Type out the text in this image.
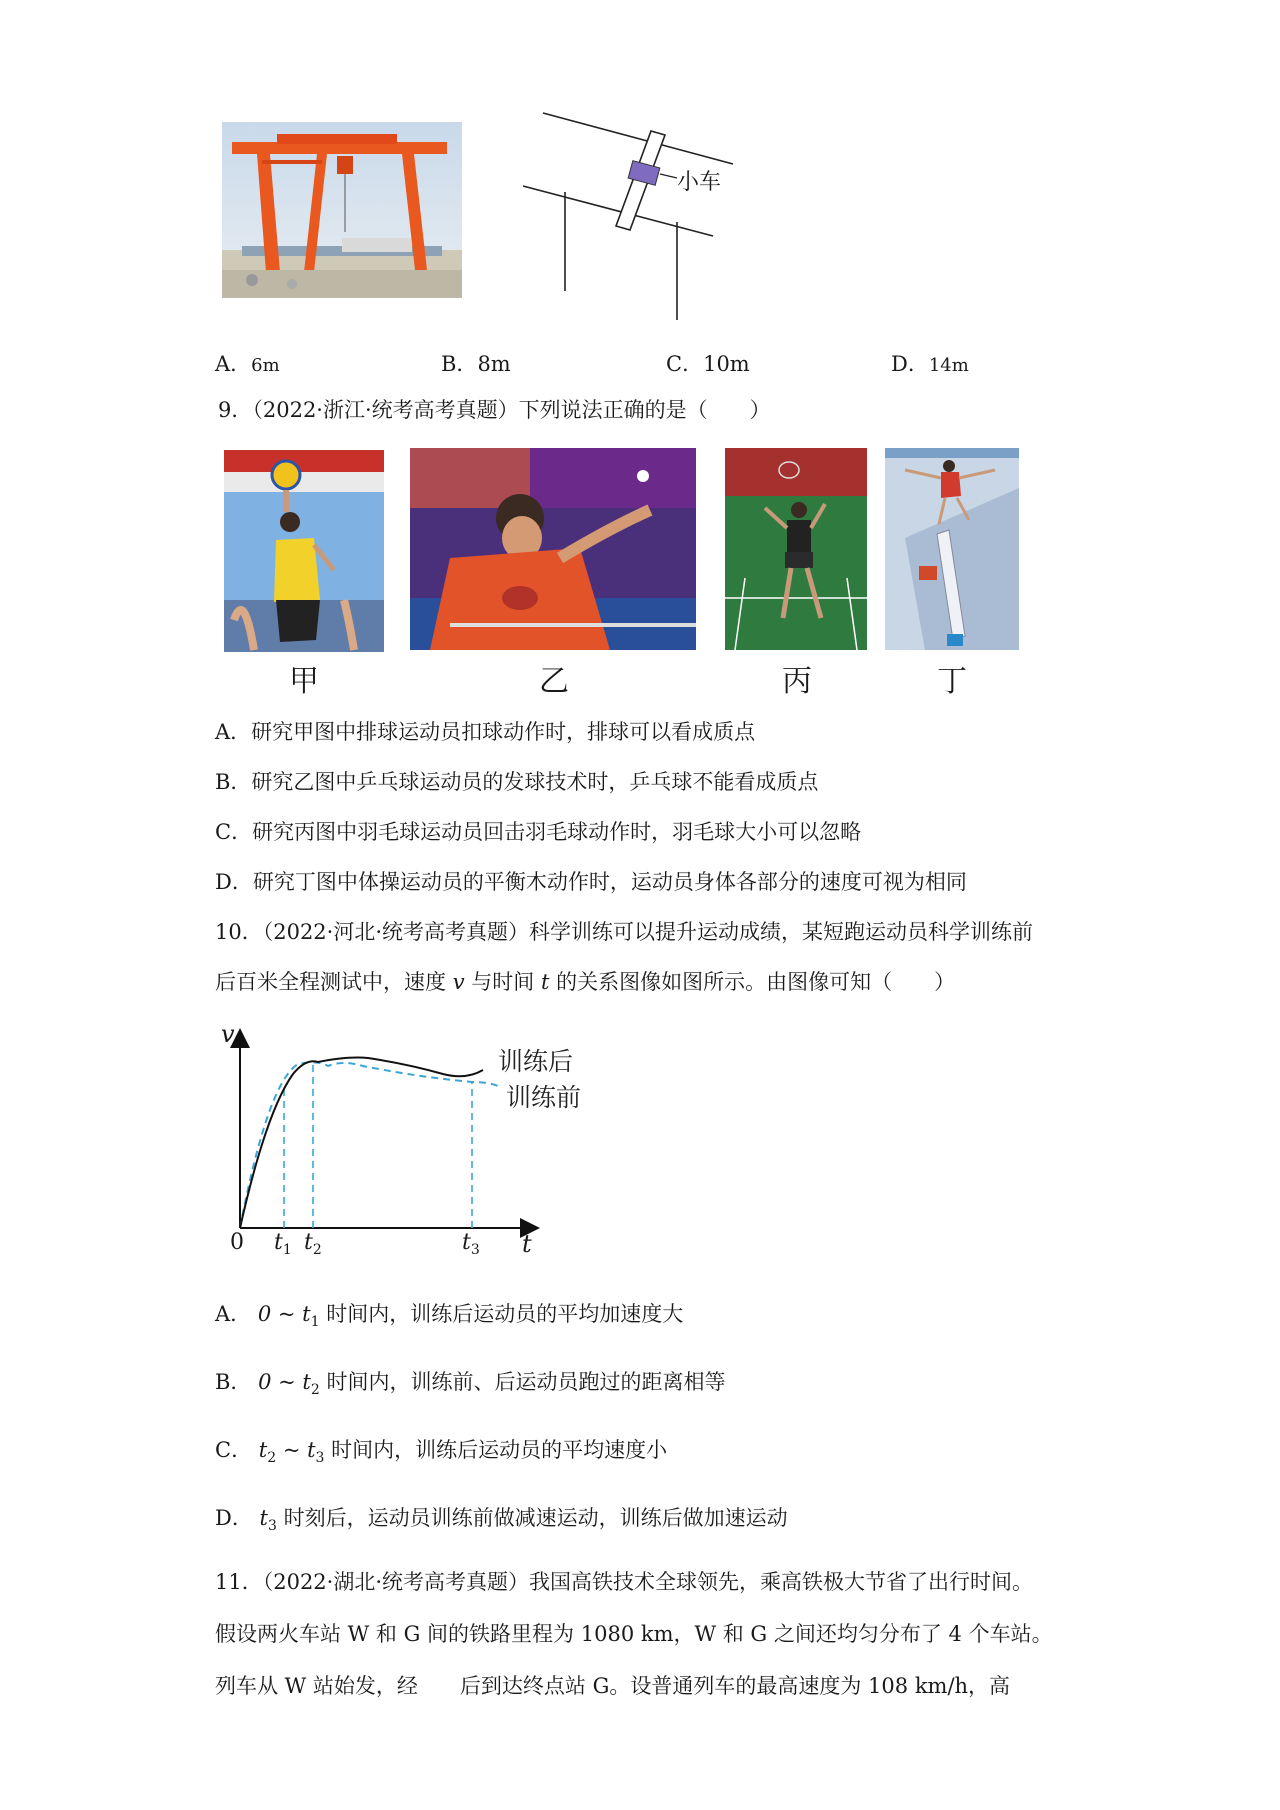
小车
A．6m	B．8m	C．10m	D．14m
9．（2022·浙江·统考高考真题）下列说法正确的是（　　）
甲	乙	丙	丁
A．研究甲图中排球运动员扣球动作时，排球可以看成质点
B．研究乙图中乒乓球运动员的发球技术时，乒乓球不能看成质点
C．研究丙图中羽毛球运动员回击羽毛球动作时，羽毛球大小可以忽略
D．研究丁图中体操运动员的平衡木动作时，运动员身体各部分的速度可视为相同
10．（2022·河北·统考高考真题）科学训练可以提升运动成绩，某短跑运动员科学训练前
后百米全程测试中，速度 v 与时间 t 的关系图像如图所示。由图像可知（　　）
v
0	t
$t_1$ $t_2$	$t_3$
训练后
训练前
A． 0 ~ $t_1$ 时间内，训练后运动员的平均加速度大
B． 0 ~ $t_2$ 时间内，训练前、后运动员跑过的距离相等
C． $t_2$ ~ $t_3$ 时间内，训练后运动员的平均速度小
D． $t_3$ 时刻后，运动员训练前做减速运动，训练后做加速运动
11．（2022·湖北·统考高考真题）我国高铁技术全球领先，乘高铁极大节省了出行时间。
假设两火车站 W 和 G 间的铁路里程为 1080 km，W 和 G 之间还均匀分布了 4 个车站。
列车从 W 站始发，经　　后到达终点站 G。设普通列车的最高速度为 108 km/h，高
